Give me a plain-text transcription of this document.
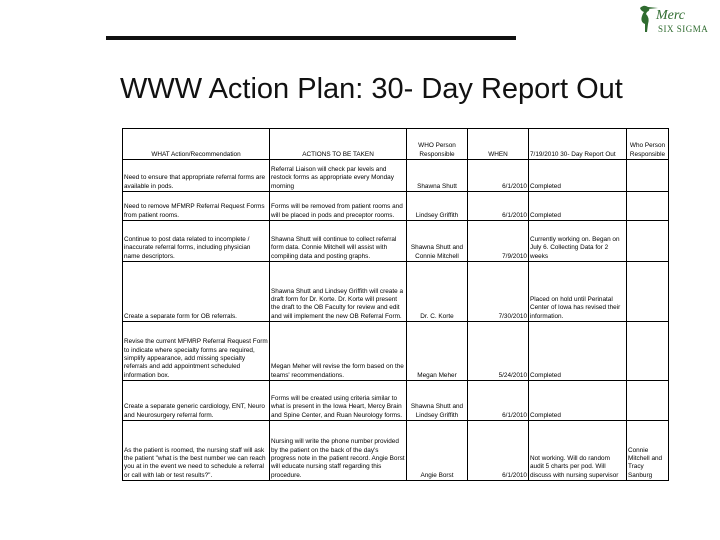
Merc
SIX SIGMA
WWW Action Plan: 30- Day Report Out
WHAT Action/Recommendation	ACTIONS TO BE TAKEN	WHO Person Responsible	WHEN	7/19/2010 30- Day Report Out	Who Person Responsible
Need to ensure that appropriate referral forms are available in pods.	Referral Liaison will check par levels and restock forms as appropriate every Monday morning	Shawna Shutt	6/1/2010	Completed	
Need to remove MFMRP Referral Request Forms from patient rooms.	Forms will be removed from patient rooms and will be placed in pods and preceptor rooms.	Lindsey Griffith	6/1/2010	Completed	
Continue to post data related to incomplete / inaccurate referral forms, including physician name descriptors.	Shawna Shutt will continue to collect referral form data. Connie Mitchell will assist with compiling data and posting graphs.	Shawna Shutt and Connie Mitchell	7/9/2010	Currently working on. Began on July 6. Collecting Data for 2 weeks	
Create a separate form for OB referrals.	Shawna Shutt and Lindsey Griffith will create a draft form for Dr. Korte. Dr. Korte will present the draft to the OB Faculty for review and edit and will implement the new OB Referral Form.	Dr. C. Korte	7/30/2010	Placed on hold until Perinatal Center of Iowa has revised their information.	
Revise the current MFMRP Referral Request Form to indicate where specialty forms are required, simplify appearance, add missing specialty referrals and add appointment scheduled information box.	Megan Meher will revise the form based on the teams' recommendations.	Megan Meher	5/24/2010	Completed	
Create a separate generic cardiology, ENT, Neuro and Neurosurgery referral form.	Forms will be created using criteria similar to what is present in the Iowa Heart, Mercy Brain and Spine Center, and Ruan Neurology forms.	Shawna Shutt and Lindsey Griffith	6/1/2010	Completed	
As the patient is roomed, the nursing staff will ask the patient "what is the best number we can reach you at in the event we need to schedule a referral or call with lab or test results?".	Nursing will write the phone number provided by the patient on the back of the day's progress note in the patient record. Angie Borst will educate nursing staff regarding this procedure.	Angie Borst	6/1/2010	Not working. Will do random audit 5 charts per pod. Will discuss with nursing supervisor	Connie Mitchell and Tracy Sanburg
